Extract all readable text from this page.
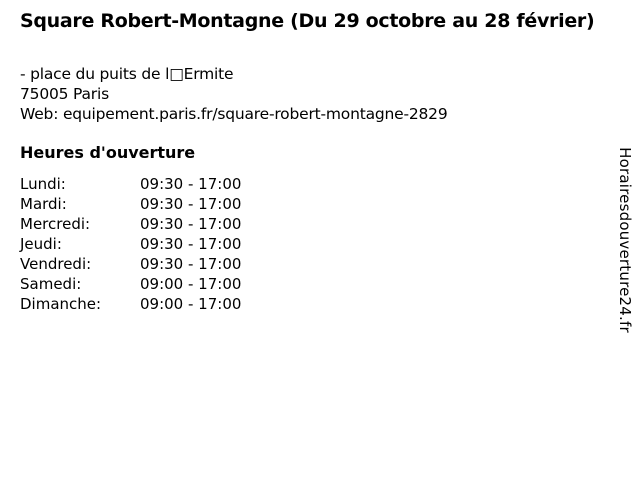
Square Robert-Montagne (Du 29 octobre au 28 février)
- place du puits de l□Ermite
75005 Paris
Web: equipement.paris.fr/square-robert-montagne-2829
Heures d'ouverture
Lundi:	09:30 - 17:00
Mardi:	09:30 - 17:00
Mercredi:	09:30 - 17:00
Jeudi:	09:30 - 17:00
Vendredi:	09:30 - 17:00
Samedi:	09:00 - 17:00
Dimanche:	09:00 - 17:00	Horairesdouverture24.fr
